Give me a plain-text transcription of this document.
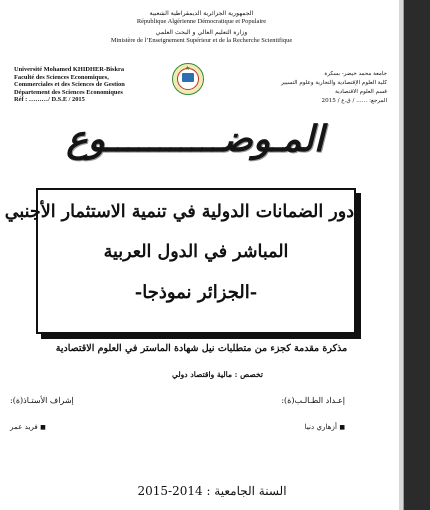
الجمهورية الجزائرية الديمقراطية الشعبية
République Algérienne Démocratique et Populaire
وزارة التعليم العالي و البحث العلمي
Ministère de l’Enseignement Supérieur et de la Recherche Scientifique
Université Mohamed KHIDHER-Biskra
Faculté des Sciences Economiques,
Commerciales et des Sciences de Gestion
Département des Sciences Economiques
Réf : ………/ D.S.E / 2015
★
جامعة محمد خيضر- بسكرة
كلية العلوم الإقتصادية والتجارية وعلوم التسيير
قسم العلوم الاقتصادية
المرجع: …… / ق.ع / 2015
المـوضـــــــــــوع
دور الضمانات الدولية في تنمية الاستثمار الأجنبي
المباشر في الدول العربية
-الجزائر نموذجا-
مذكرة مقدمة كجزء من متطلبات نيل شهادة الماستر في العلوم الاقتصادية
تخصص : مالية واقتصاد دولي
إعـداد الطـالـب(ة):
إشراف الأستـاذ(ة):
■ أزهاري دنيا
■ فريد عمر
السنة الجامعية : 2014-2015
